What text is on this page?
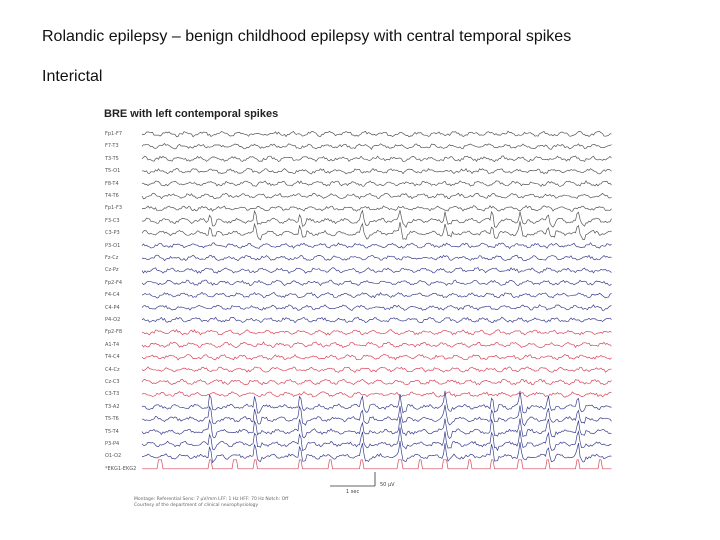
Rolandic epilepsy – benign childhood epilepsy with central temporal spikes
Interictal
BRE with left contemporal spikes
Fp1-F7
F7-T3
T3-T5
T5-O1
F8-T4
T4-T6
Fp1-F3
F3-C3
C3-P3
P3-O1
Fz-Cz
Cz-Pz
Fp2-F4
F4-C4
C4-P4
P4-O2
Fp2-F8
A1-T4
T4-C4
C4-Cz
Cz-C3
C3-T3
T3-A2
T5-T6
T5-T4
P3-P4
O1-O2
*EKG1-EKG2
1 sec
50 µV
Montage: Referential Sens: 7 µV/mm LFF: 1 Hz HFF: 70 Hz Notch: Off
Courtesy of the department of clinical neurophysiology
